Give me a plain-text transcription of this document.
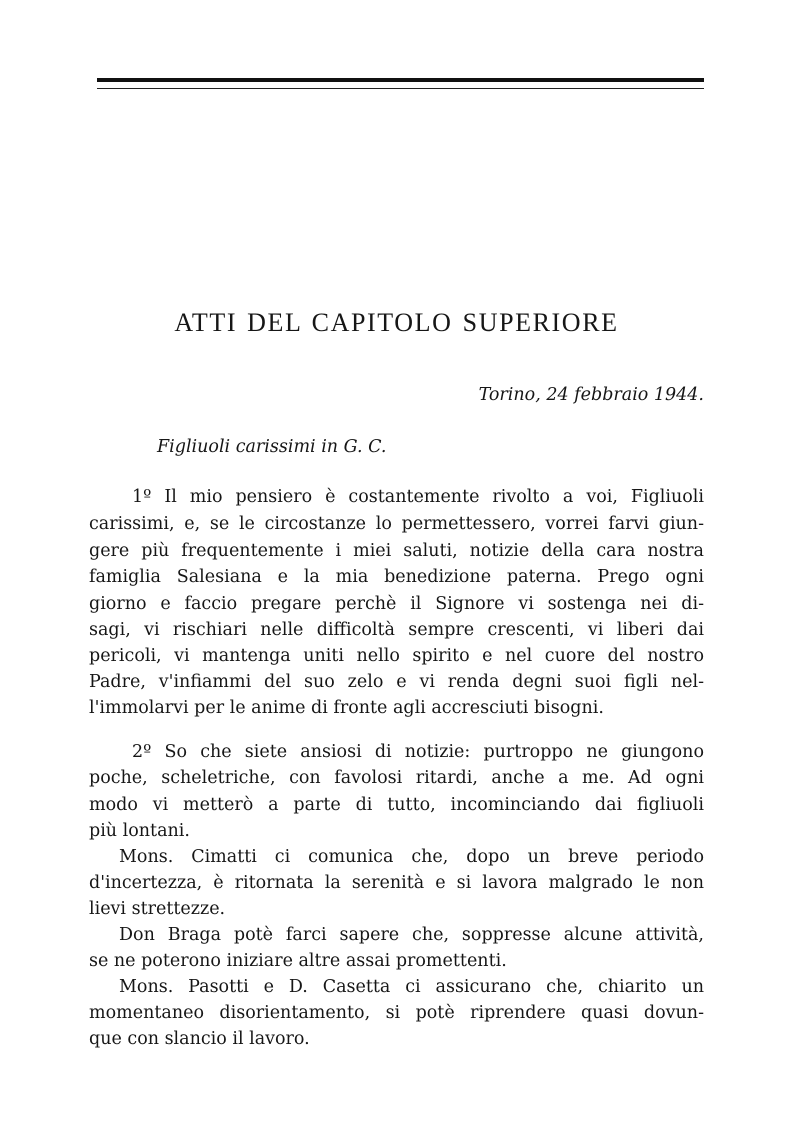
ATTI DEL CAPITOLO SUPERIORE
Torino, 24 febbraio 1944.
Figliuoli carissimi in G. C.
1º Il mio pensiero è costantemente rivolto a voi, Figliuoli
carissimi, e, se le circostanze lo permettessero, vorrei farvi giun-
gere più frequentemente i miei saluti, notizie della cara nostra
famiglia Salesiana e la mia benedizione paterna. Prego ogni
giorno e faccio pregare perchè il Signore vi sostenga nei di-
sagi, vi rischiari nelle difficoltà sempre crescenti, vi liberi dai
pericoli, vi mantenga uniti nello spirito e nel cuore del nostro
Padre, v'infiammi del suo zelo e vi renda degni suoi figli nel-
l'immolarvi per le anime di fronte agli accresciuti bisogni.
2º So che siete ansiosi di notizie: purtroppo ne giungono
poche, scheletriche, con favolosi ritardi, anche a me. Ad ogni
modo vi metterò a parte di tutto, incominciando dai figliuoli
più lontani.
Mons. Cimatti ci comunica che, dopo un breve periodo
d'incertezza, è ritornata la serenità e si lavora malgrado le non
lievi strettezze.
Don Braga potè farci sapere che, soppresse alcune attività,
se ne poterono iniziare altre assai promettenti.
Mons. Pasotti e D. Casetta ci assicurano che, chiarito un
momentaneo disorientamento, si potè riprendere quasi dovun-
que con slancio il lavoro.
